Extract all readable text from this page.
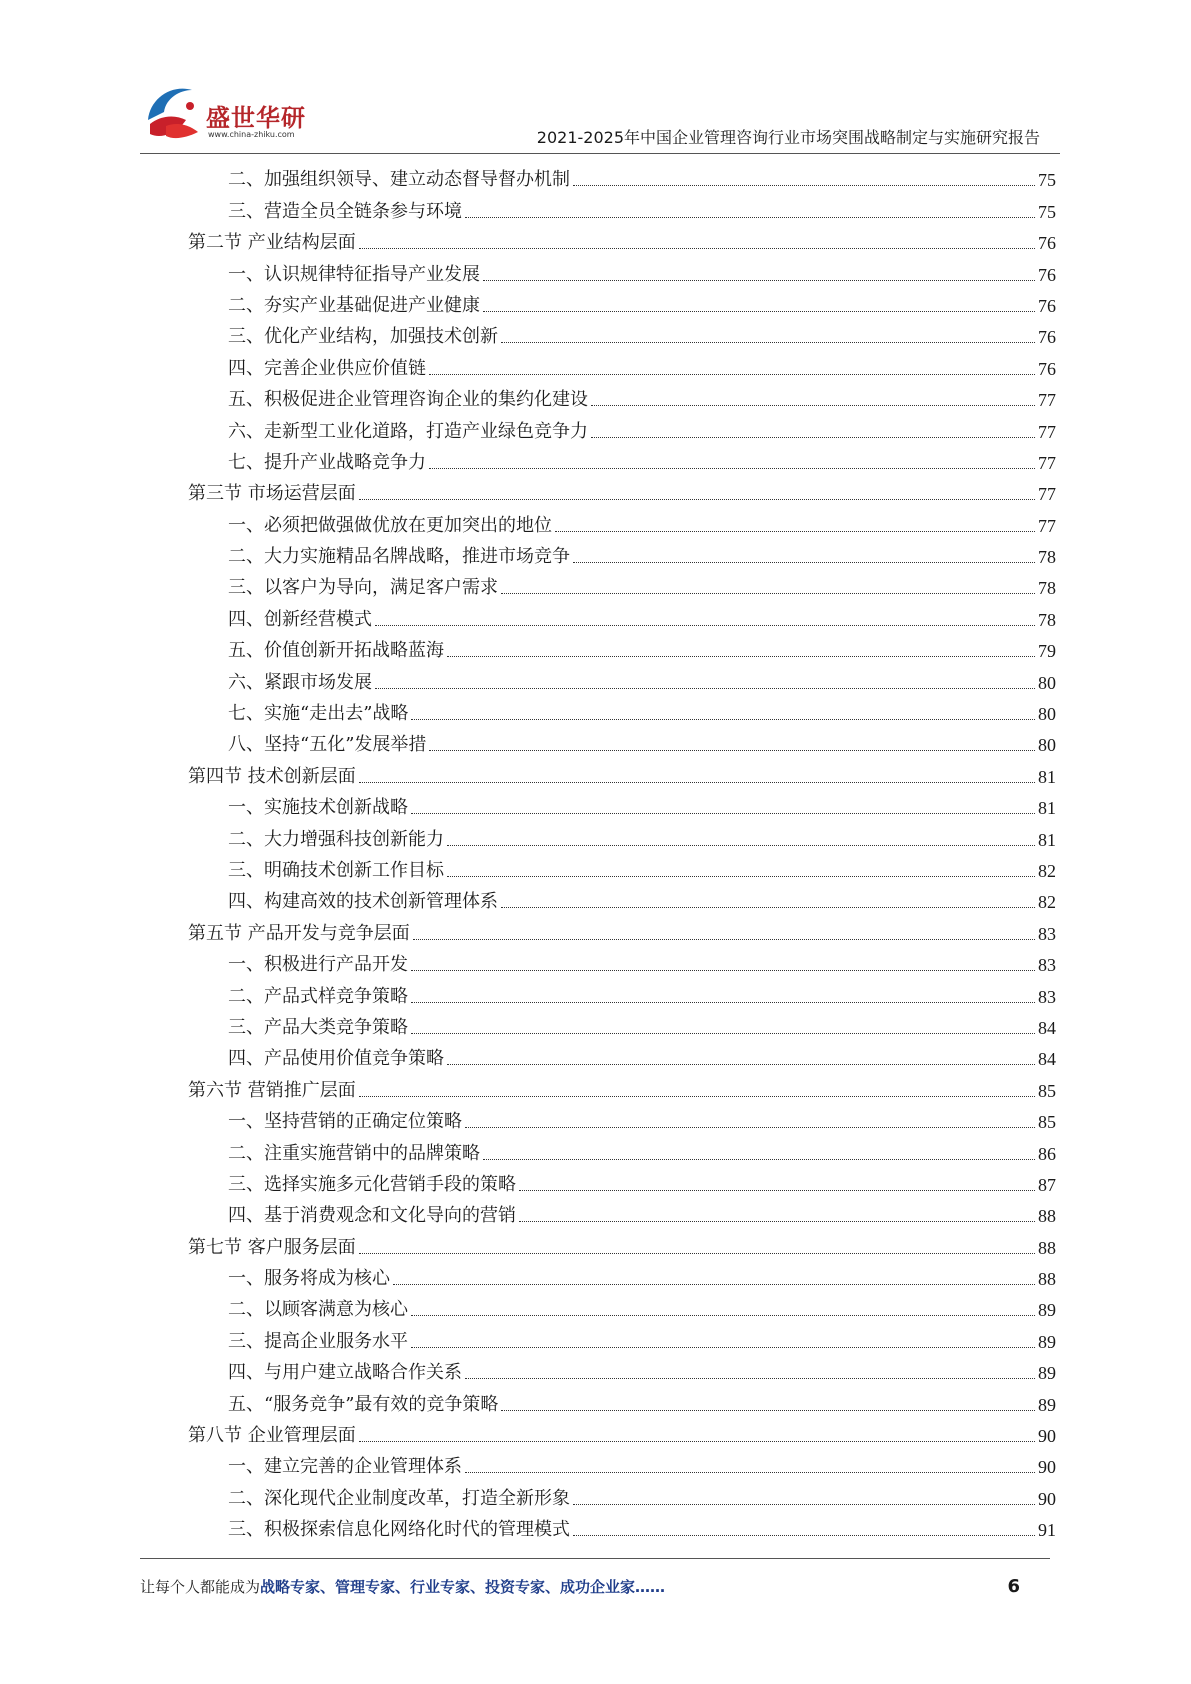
盛世华研
www.china-zhiku.com	2021-2025年中国企业管理咨询行业市场突围战略制定与实施研究报告
二、加强组织领导、建立动态督导督办机制	75
三、营造全员全链条参与环境	75
第二节 产业结构层面	76
一、认识规律特征指导产业发展	76
二、夯实产业基础促进产业健康	76
三、优化产业结构，加强技术创新	76
四、完善企业供应价值链	76
五、积极促进企业管理咨询企业的集约化建设	77
六、走新型工业化道路，打造产业绿色竞争力	77
七、提升产业战略竞争力	77
第三节 市场运营层面	77
一、必须把做强做优放在更加突出的地位	77
二、大力实施精品名牌战略，推进市场竞争	78
三、以客户为导向，满足客户需求	78
四、创新经营模式	78
五、价值创新开拓战略蓝海	79
六、紧跟市场发展	80
七、实施“走出去”战略	80
八、坚持“五化”发展举措	80
第四节 技术创新层面	81
一、实施技术创新战略	81
二、大力增强科技创新能力	81
三、明确技术创新工作目标	82
四、构建高效的技术创新管理体系	82
第五节 产品开发与竞争层面	83
一、积极进行产品开发	83
二、产品式样竞争策略	83
三、产品大类竞争策略	84
四、产品使用价值竞争策略	84
第六节 营销推广层面	85
一、坚持营销的正确定位策略	85
二、注重实施营销中的品牌策略	86
三、选择实施多元化营销手段的策略	87
四、基于消费观念和文化导向的营销	88
第七节 客户服务层面	88
一、服务将成为核心	88
二、以顾客满意为核心	89
三、提高企业服务水平	89
四、与用户建立战略合作关系	89
五、“服务竞争”最有效的竞争策略	89
第八节 企业管理层面	90
一、建立完善的企业管理体系	90
二、深化现代企业制度改革，打造全新形象	90
三、积极探索信息化网络化时代的管理模式	91
让每个人都能成为战略专家、管理专家、行业专家、投资专家、成功企业家……	6
